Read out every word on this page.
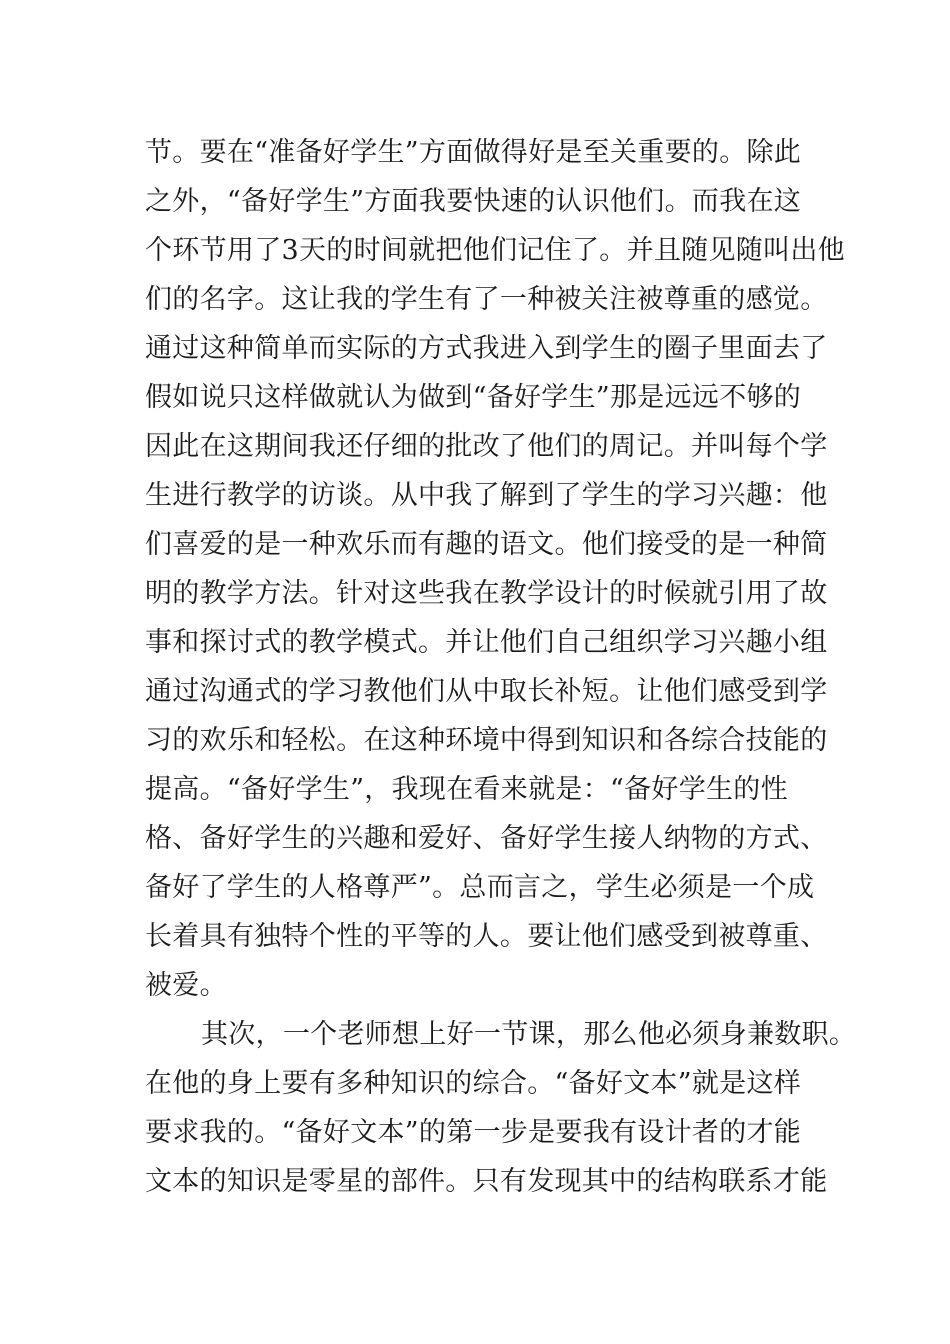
节。要在“准备好学生”方面做得好是至关重要的。除此
之外，“备好学生”方面我要快速的认识他们。而我在这
个环节用了3天的时间就把他们记住了。并且随见随叫出他
们的名字。这让我的学生有了一种被关注被尊重的感觉。
通过这种简单而实际的方式我进入到学生的圈子里面去了
假如说只这样做就认为做到“备好学生”那是远远不够的
因此在这期间我还仔细的批改了他们的周记。并叫每个学
生进行教学的访谈。从中我了解到了学生的学习兴趣：他
们喜爱的是一种欢乐而有趣的语文。他们接受的是一种简
明的教学方法。针对这些我在教学设计的时候就引用了故
事和探讨式的教学模式。并让他们自己组织学习兴趣小组
通过沟通式的学习教他们从中取长补短。让他们感受到学
习的欢乐和轻松。在这种环境中得到知识和各综合技能的
提高。“备好学生”，我现在看来就是：“备好学生的性
格、备好学生的兴趣和爱好、备好学生接人纳物的方式、
备好了学生的人格尊严”。总而言之，学生必须是一个成
长着具有独特个性的平等的人。要让他们感受到被尊重、
被爱。
其次，一个老师想上好一节课，那么他必须身兼数职。
在他的身上要有多种知识的综合。“备好文本”就是这样
要求我的。“备好文本”的第一步是要我有设计者的才能
文本的知识是零星的部件。只有发现其中的结构联系才能
